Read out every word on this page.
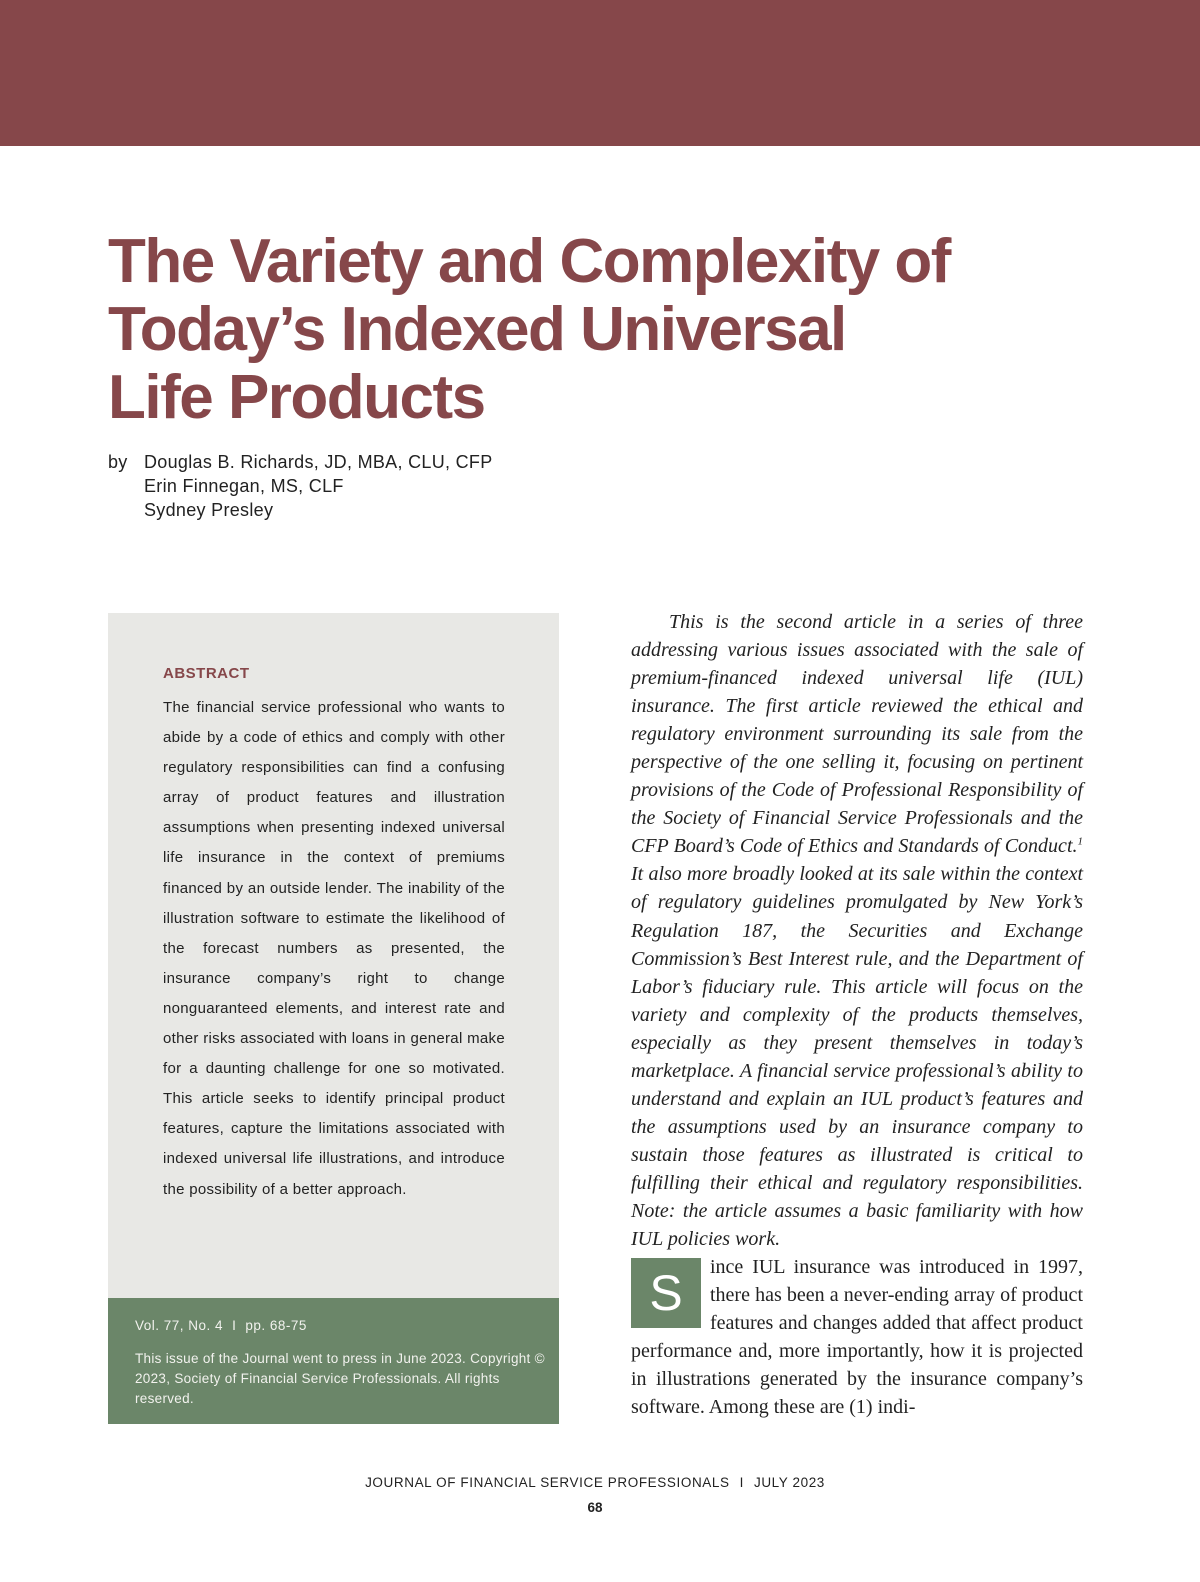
The Variety and Complexity of
Today’s Indexed Universal
Life Products
by Douglas B. Richards, JD, MBA, CLU, CFP
Erin Finnegan, MS, CLF
Sydney Presley
ABSTRACT

The financial service professional who wants to abide by a code of ethics and comply with other regulatory responsibilities can find a confusing array of product features and illustration assumptions when presenting indexed universal life insurance in the context of premiums financed by an outside lender. The inability of the illustration software to estimate the likelihood of the forecast numbers as presented, the insurance company’s right to change nonguaranteed elements, and interest rate and other risks associated with loans in general make for a daunting challenge for one so motivated. This article seeks to identify principal product features, capture the limitations associated with indexed universal life illustrations, and introduce the possibility of a better approach.

Vol. 77, No. 4 I pp. 68-75
This issue of the Journal went to press in June 2023. Copyright © 2023, Society of Financial Service Professionals. All rights reserved.

This is the second article in a series of three addressing various issues associated with the sale of premium-financed indexed universal life (IUL) insurance. The first article reviewed the ethical and regulatory environment surrounding its sale from the perspective of the one selling it, focusing on pertinent provisions of the Code of Professional Responsibility of the Society of Financial Service Professionals and the CFP Board’s Code of Ethics and Standards of Conduct.$^1$ It also more broadly looked at its sale within the context of regulatory guidelines promulgated by New York’s Regulation 187, the Securities and Exchange Commission’s Best Interest rule, and the Department of Labor’s fiduciary rule. This article will focus on the variety and complexity of the products themselves, especially as they present themselves in today’s marketplace. A financial service professional’s ability to understand and explain an IUL product’s features and the assumptions used by an insurance company to sustain those features as illustrated is critical to fulfilling their ethical and regulatory responsibilities. Note: the article assumes a basic familiarity with how IUL policies work.

S	ince IUL insurance was introduced in 1997, there has been a never-ending array of product features and changes added that affect product performance and, more importantly, how it is projected in illustrations generated by the insurance company’s software. Among these are (1) indi-

JOURNAL OF FINANCIAL SERVICE PROFESSIONALS I JULY 2023
68
